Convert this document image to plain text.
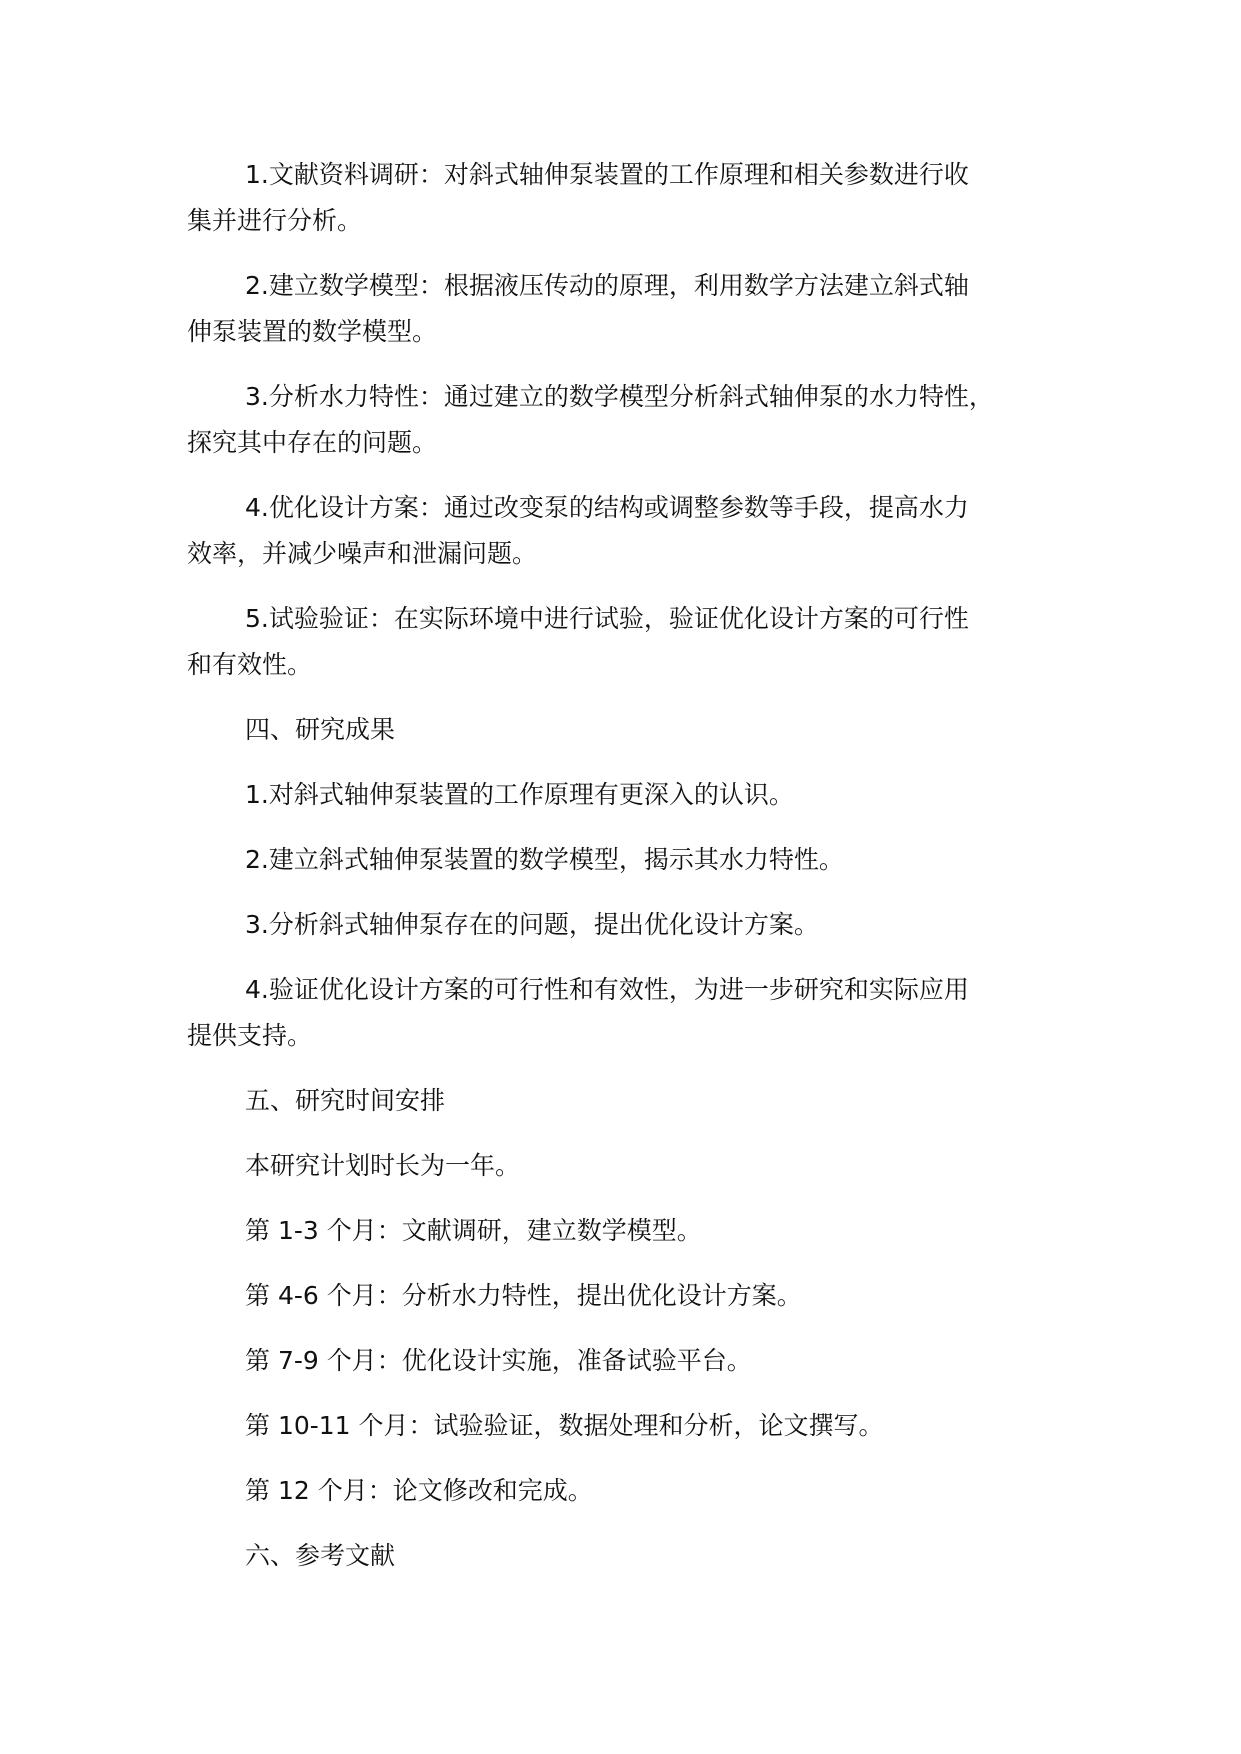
1.文献资料调研：对斜式轴伸泵装置的工作原理和相关参数进行收
集并进行分析。
2.建立数学模型：根据液压传动的原理，利用数学方法建立斜式轴
伸泵装置的数学模型。
3.分析水力特性：通过建立的数学模型分析斜式轴伸泵的水力特性，
探究其中存在的问题。
4.优化设计方案：通过改变泵的结构或调整参数等手段，提高水力
效率，并减少噪声和泄漏问题。
5.试验验证：在实际环境中进行试验，验证优化设计方案的可行性
和有效性。
四、研究成果
1.对斜式轴伸泵装置的工作原理有更深入的认识。
2.建立斜式轴伸泵装置的数学模型，揭示其水力特性。
3.分析斜式轴伸泵存在的问题，提出优化设计方案。
4.验证优化设计方案的可行性和有效性，为进一步研究和实际应用
提供支持。
五、研究时间安排
本研究计划时长为一年。
第 1-3 个月：文献调研，建立数学模型。
第 4-6 个月：分析水力特性，提出优化设计方案。
第 7-9 个月：优化设计实施，准备试验平台。
第 10-11 个月：试验验证，数据处理和分析，论文撰写。
第 12 个月：论文修改和完成。
六、参考文献
